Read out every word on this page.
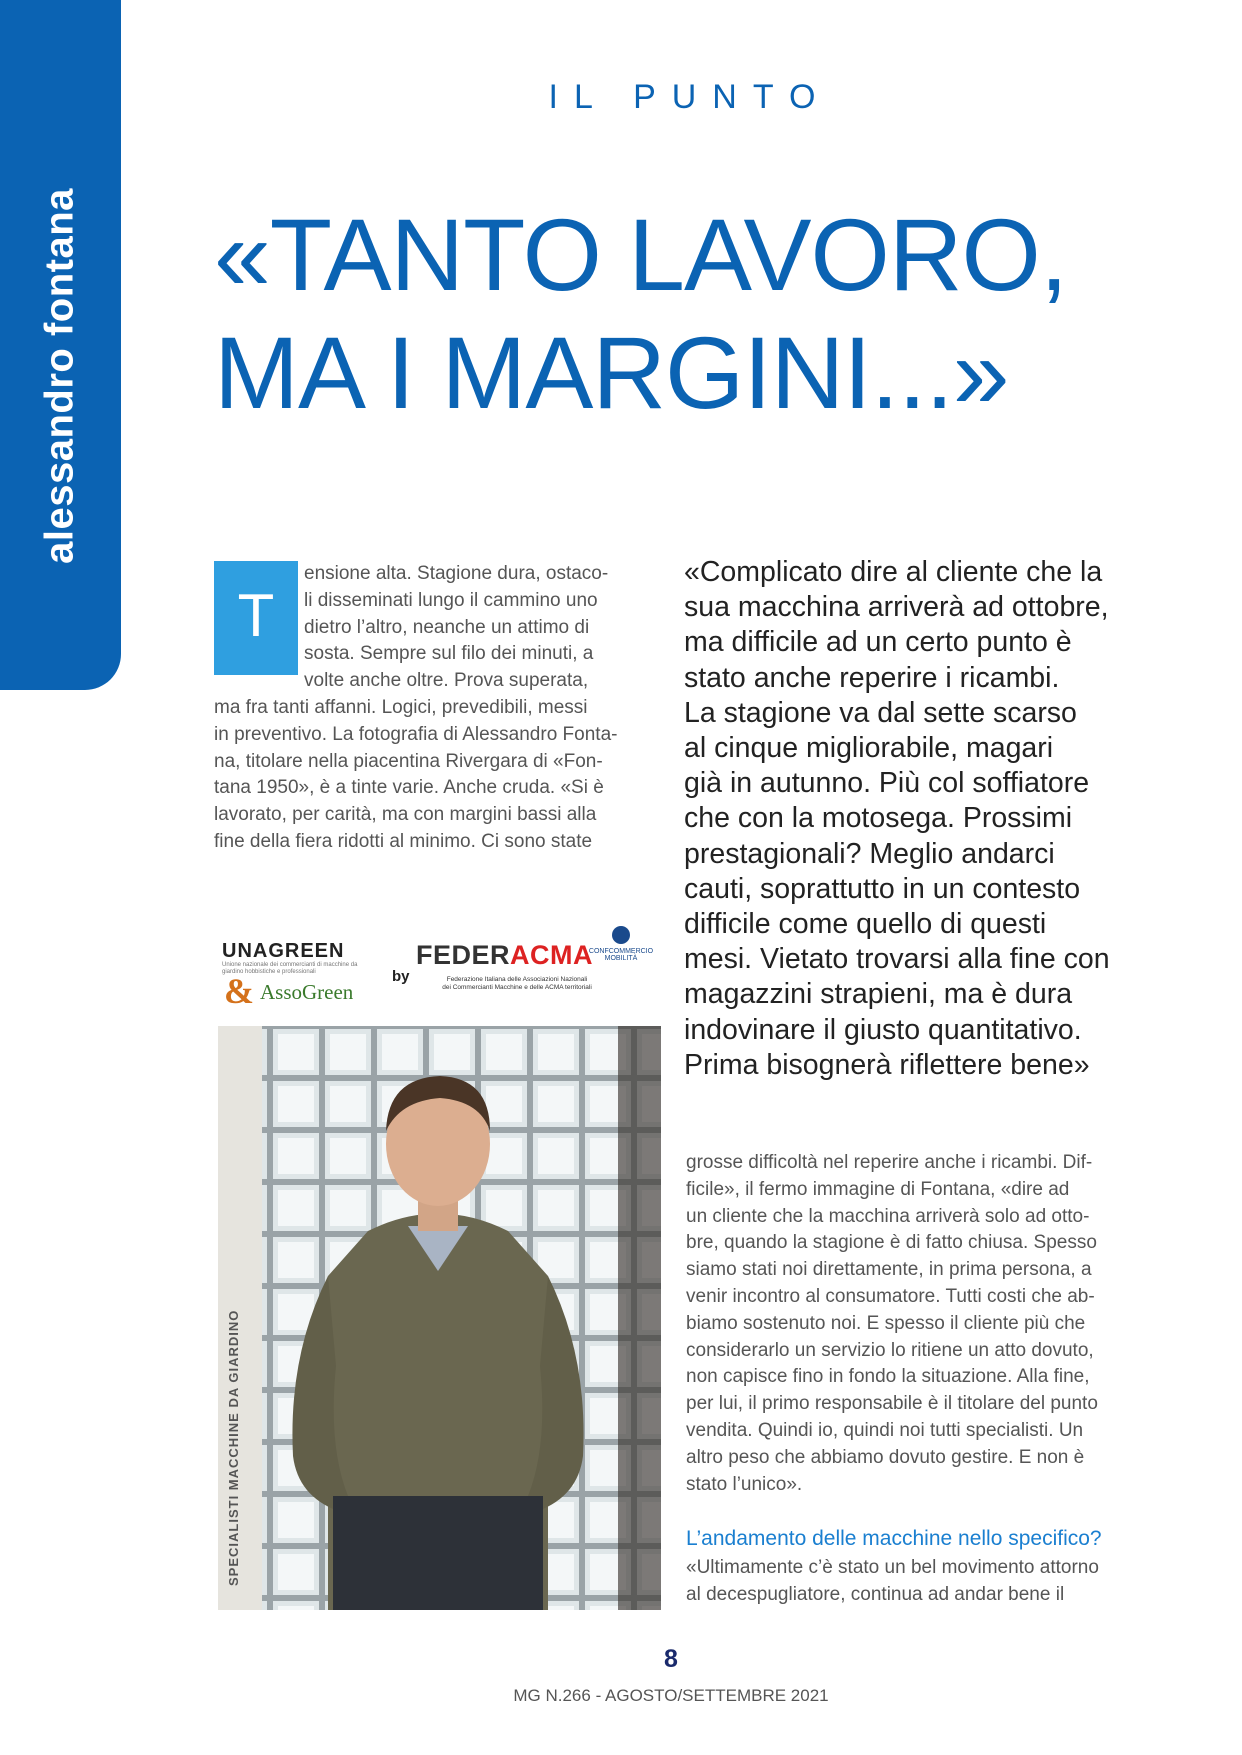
alessandro fontana
IL PUNTO
«TANTO LAVORO,
MA I MARGINI...»
T
ensione alta. Stagione dura, ostaco-
li disseminati lungo il cammino uno
dietro l’altro, neanche un attimo di
sosta. Sempre sul filo dei minuti, a
volte anche oltre. Prova superata,
ma fra tanti affanni. Logici, prevedibili, messi
in preventivo. La fotografia di Alessandro Fonta-
na, titolare nella piacentina Rivergara di «Fon-
tana 1950», è a tinte varie. Anche cruda. «Si è
lavorato, per carità, ma con margini bassi alla
fine della fiera ridotti al minimo. Ci sono state
«Complicato dire al cliente che la
sua macchina arriverà ad ottobre,
ma difficile ad un certo punto è
stato anche reperire i ricambi.
La stagione va dal sette scarso
al cinque migliorabile, magari
già in autunno. Più col soffiatore
che con la motosega. Prossimi
prestagionali? Meglio andarci
cauti, soprattutto in un contesto
difficile come quello di questi
mesi. Vietato trovarsi alla fine con
magazzini strapieni, ma è dura
indovinare il giusto quantitativo.
Prima bisognerà riflettere bene»
UNAGREEN
Unione nazionale dei commercianti di macchine da giardino hobbistiche e professionali
& AssoGreen
by
FEDERACMA
Federazione Italiana delle Associazioni Nazionali dei Commercianti Macchine e delle ACMA territoriali
CONFCOMMERCIO
MOBILITÀ
SPECIALISTI MACCHINE DA GIARDINO
grosse difficoltà nel reperire anche i ricambi. Dif-
ficile», il fermo immagine di Fontana, «dire ad
un cliente che la macchina arriverà solo ad otto-
bre, quando la stagione è di fatto chiusa. Spesso
siamo stati noi direttamente, in prima persona, a
venir incontro al consumatore. Tutti costi che ab-
biamo sostenuto noi. E spesso il cliente più che
considerarlo un servizio lo ritiene un atto dovuto,
non capisce fino in fondo la situazione. Alla fine,
per lui, il primo responsabile è il titolare del punto
vendita. Quindi io, quindi noi tutti specialisti. Un
altro peso che abbiamo dovuto gestire. E non è
stato l’unico».
L’andamento delle macchine nello specifico?
«Ultimamente c’è stato un bel movimento attorno
al decespugliatore, continua ad andar bene il
8
MG N.266 - AGOSTO/SETTEMBRE 2021
